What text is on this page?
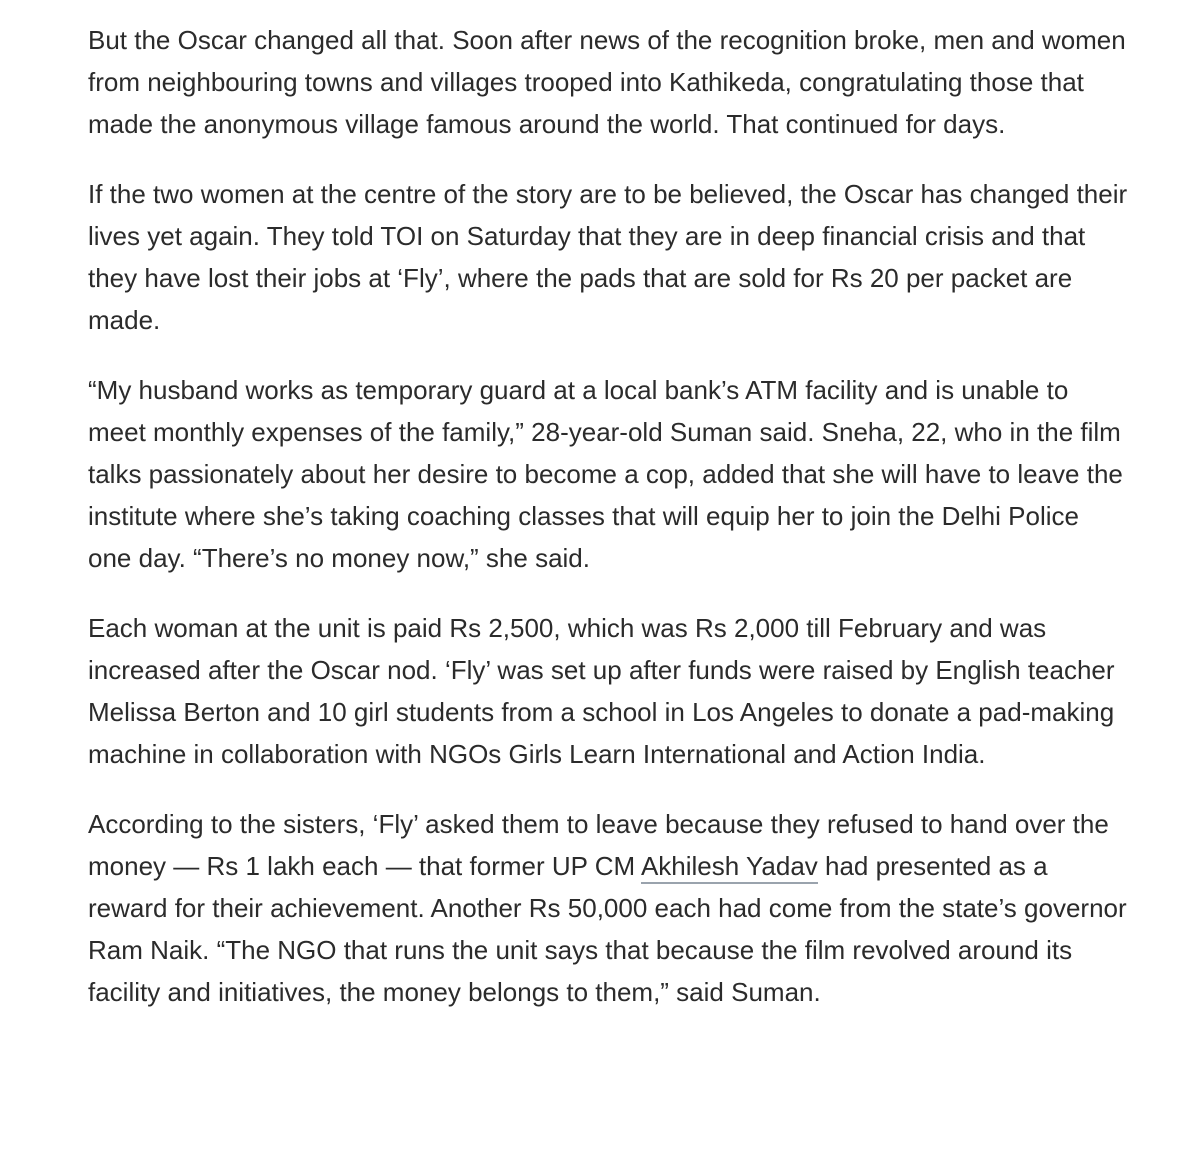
But the Oscar changed all that. Soon after news of the recognition broke, men and women from neighbouring towns and villages trooped into Kathikeda, congratulating those that made the anonymous village famous around the world. That continued for days.

If the two women at the centre of the story are to be believed, the Oscar has changed their lives yet again. They told TOI on Saturday that they are in deep financial crisis and that they have lost their jobs at ‘Fly’, where the pads that are sold for Rs 20 per packet are made.

“My husband works as temporary guard at a local bank’s ATM facility and is unable to meet monthly expenses of the family,” 28-year-old Suman said. Sneha, 22, who in the film talks passionately about her desire to become a cop, added that she will have to leave the institute where she’s taking coaching classes that will equip her to join the Delhi Police one day. “There’s no money now,” she said.

Each woman at the unit is paid Rs 2,500, which was Rs 2,000 till February and was increased after the Oscar nod. ‘Fly’ was set up after funds were raised by English teacher Melissa Berton and 10 girl students from a school in Los Angeles to donate a pad-making machine in collaboration with NGOs Girls Learn International and Action India.

According to the sisters, ‘Fly’ asked them to leave because they refused to hand over the money — Rs 1 lakh each — that former UP CM Akhilesh Yadav had presented as a reward for their achievement. Another Rs 50,000 each had come from the state’s governor Ram Naik. “The NGO that runs the unit says that because the film revolved around its facility and initiatives, the money belongs to them,” said Suman.
